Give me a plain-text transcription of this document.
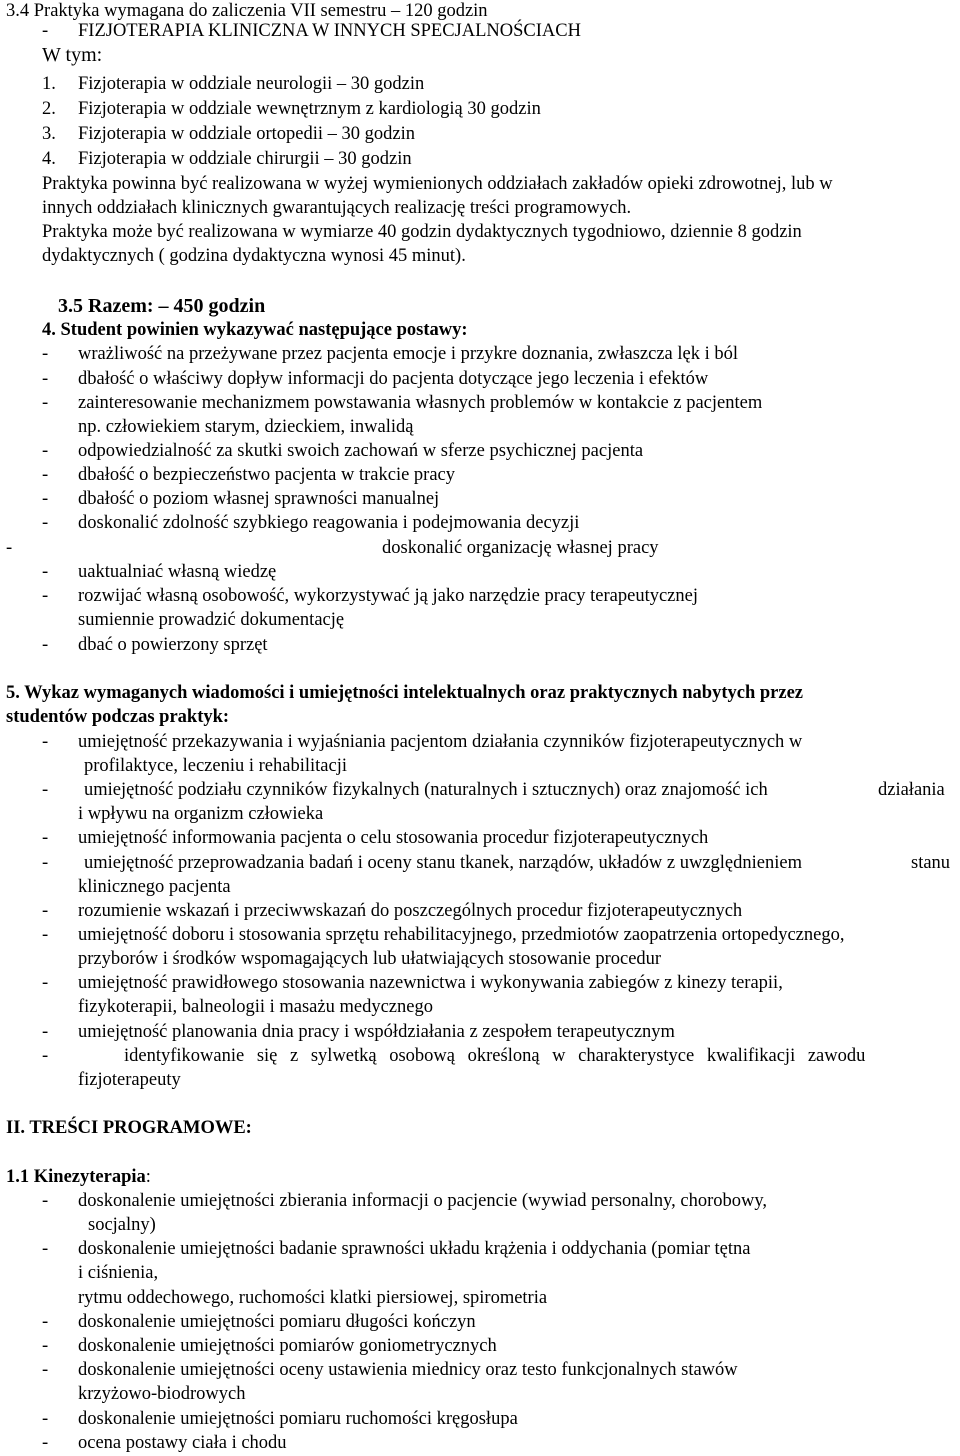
3.4 Praktyka wymagana do zaliczenia VII semestru – 120 godzin
- FIZJOTERAPIA KLINICZNA W INNYCH SPECJALNOŚCIACH
W tym:
1. Fizjoterapia w oddziale neurologii – 30 godzin
2. Fizjoterapia w oddziale wewnętrznym z kardiologią 30 godzin
3. Fizjoterapia w oddziale ortopedii – 30 godzin
4. Fizjoterapia w oddziale chirurgii – 30 godzin
Praktyka powinna być realizowana w wyżej wymienionych oddziałach zakładów opieki zdrowotnej, lub w
innych oddziałach klinicznych gwarantujących realizację treści programowych.
Praktyka może być realizowana w wymiarze 40 godzin dydaktycznych tygodniowo, dziennie 8 godzin
dydaktycznych ( godzina dydaktyczna wynosi 45 minut).
3.5 Razem: – 450 godzin
4. Student powinien wykazywać następujące postawy:
- wrażliwość na przeżywane przez pacjenta emocje i przykre doznania, zwłaszcza lęk i ból
- dbałość o właściwy dopływ informacji do pacjenta dotyczące jego leczenia i efektów
- zainteresowanie mechanizmem powstawania własnych problemów w kontakcie z pacjentem
np. człowiekiem starym, dzieckiem, inwalidą
- odpowiedzialność za skutki swoich zachowań w sferze psychicznej pacjenta
- dbałość o bezpieczeństwo pacjenta w trakcie pracy
- dbałość o poziom własnej sprawności manualnej
- doskonalić zdolność szybkiego reagowania i podejmowania decyzji
-	doskonalić organizację własnej pracy
- uaktualniać własną wiedzę
- rozwijać własną osobowość, wykorzystywać ją jako narzędzie pracy terapeutycznej
sumiennie prowadzić dokumentację
- dbać o powierzony sprzęt
5. Wykaz wymaganych wiadomości i umiejętności intelektualnych oraz praktycznych nabytych przez
studentów podczas praktyk:
- umiejętność przekazywania i wyjaśniania pacjentom działania czynników fizjoterapeutycznych w
profilaktyce, leczeniu i rehabilitacji
- umiejętność podziału czynników fizykalnych (naturalnych i sztucznych) oraz znajomość ich	działania
i wpływu na organizm człowieka
- umiejętność informowania pacjenta o celu stosowania procedur fizjoterapeutycznych
- umiejętność przeprowadzania badań i oceny stanu tkanek, narządów, układów z uwzględnieniem	stanu
klinicznego pacjenta
- rozumienie wskazań i przeciwwskazań do poszczególnych procedur fizjoterapeutycznych
- umiejętność doboru i stosowania sprzętu rehabilitacyjnego, przedmiotów zaopatrzenia ortopedycznego,
przyborów i środków wspomagających lub ułatwiających stosowanie procedur
- umiejętność prawidłowego stosowania nazewnictwa i wykonywania zabiegów z kinezy terapii,
fizykoterapii, balneologii i masażu medycznego
- umiejętność planowania dnia pracy i współdziałania z zespołem terapeutycznym
-	identyfikowanie się z sylwetką osobową określoną w charakterystyce kwalifikacji zawodu
fizjoterapeuty
II. TREŚCI PROGRAMOWE:
1.1 Kinezyterapia:
- doskonalenie umiejętności zbierania informacji o pacjencie (wywiad personalny, chorobowy,
socjalny)
- doskonalenie umiejętności badanie sprawności układu krążenia i oddychania (pomiar tętna
i ciśnienia,
rytmu oddechowego, ruchomości klatki piersiowej, spirometria
- doskonalenie umiejętności pomiaru długości kończyn
- doskonalenie umiejętności pomiarów goniometrycznych
- doskonalenie umiejętności oceny ustawienia miednicy oraz testo funkcjonalnych stawów
krzyżowo-biodrowych
- doskonalenie umiejętności pomiaru ruchomości kręgosłupa
- ocena postawy ciała i chodu
